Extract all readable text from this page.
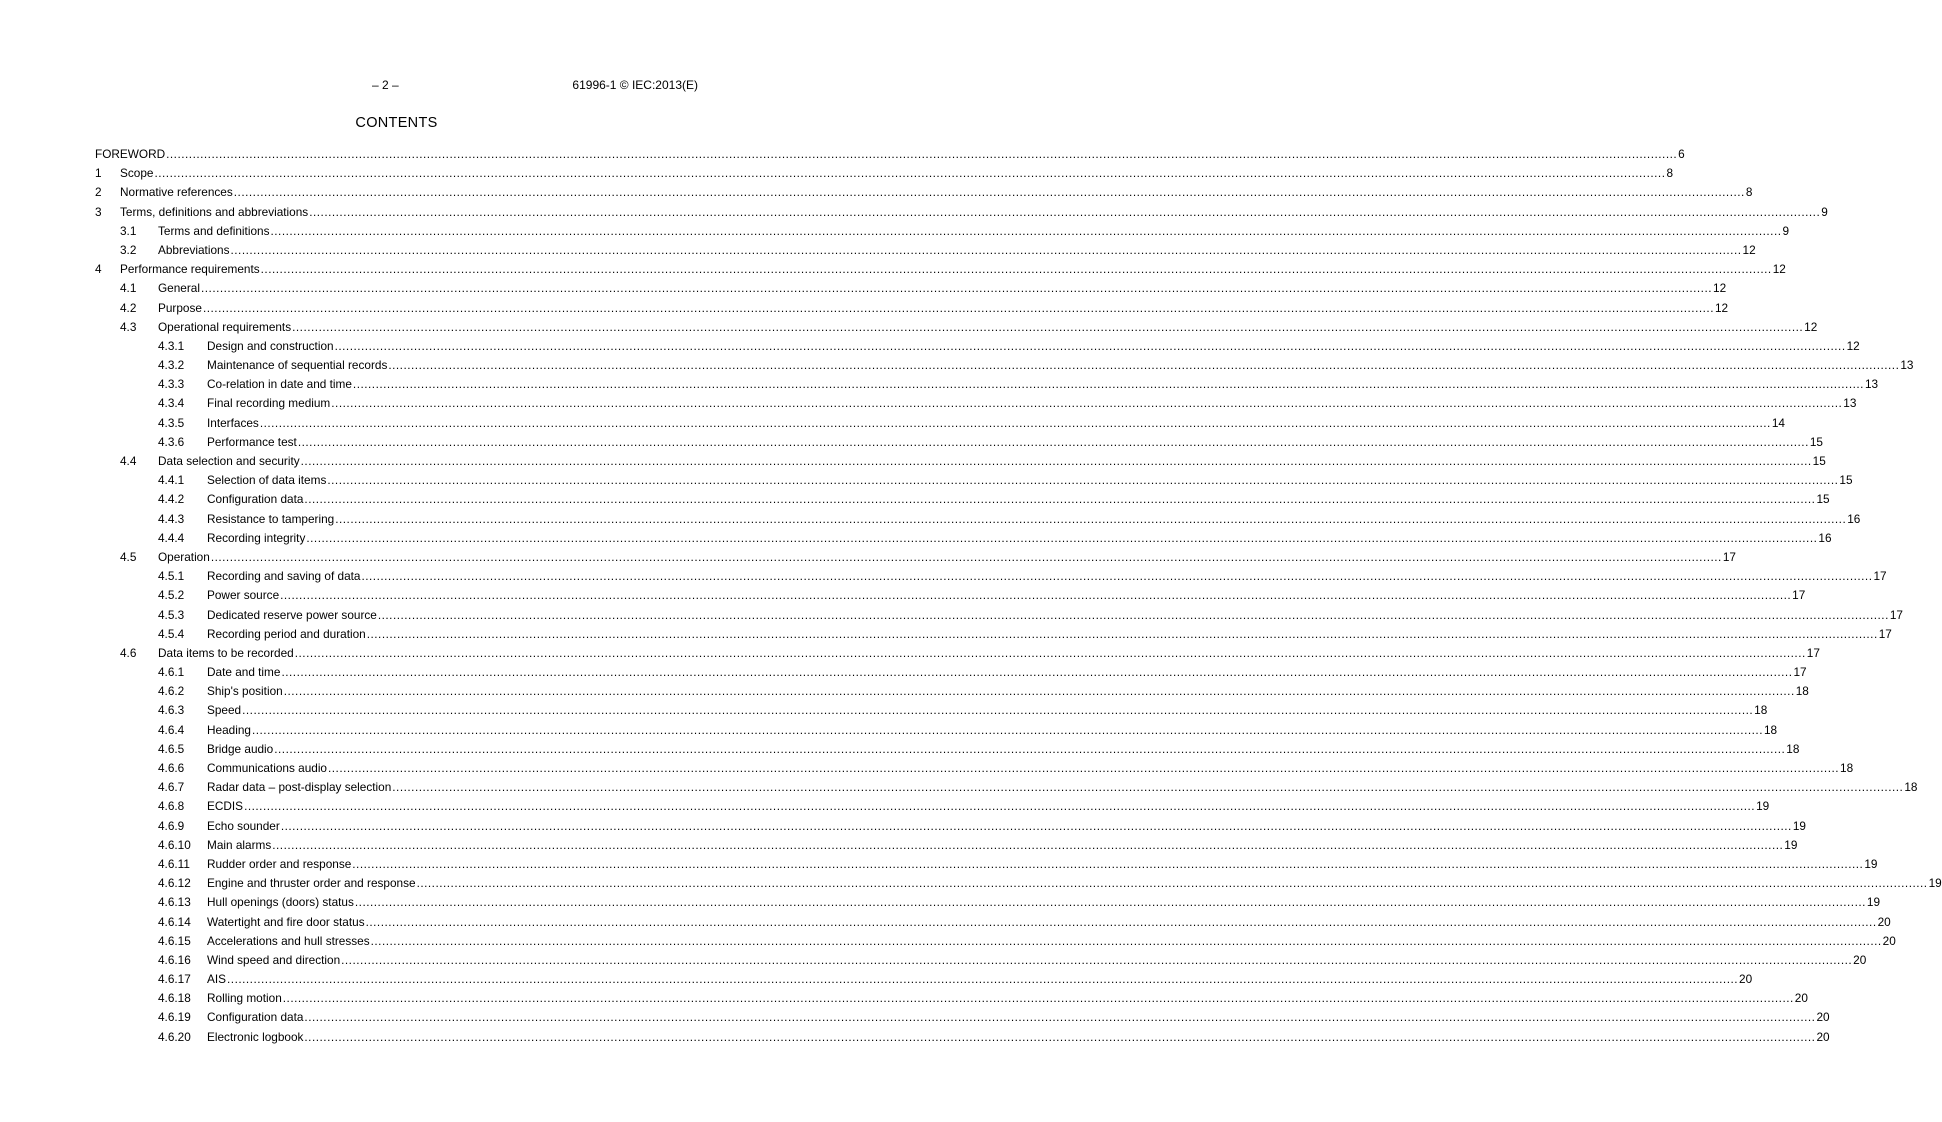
– 2 –	61996-1 © IEC:2013(E)
CONTENTS
FOREWORD ................................................................................................................................................................................................................................................................................................................................................................................................................ 6
1 Scope ................................................................................................................................................................................................................................................................................................................................................................................................................ 8
2 Normative references ................................................................................................................................................................................................................................................................................................................................................................................................................ 8
3 Terms, definitions and abbreviations ................................................................................................................................................................................................................................................................................................................................................................................................................ 9
3.1 Terms and definitions ................................................................................................................................................................................................................................................................................................................................................................................................................ 9
3.2 Abbreviations ................................................................................................................................................................................................................................................................................................................................................................................................................ 12
4 Performance requirements ................................................................................................................................................................................................................................................................................................................................................................................................................ 12
4.1 General ................................................................................................................................................................................................................................................................................................................................................................................................................ 12
4.2 Purpose ................................................................................................................................................................................................................................................................................................................................................................................................................ 12
4.3 Operational requirements ................................................................................................................................................................................................................................................................................................................................................................................................................ 12
4.3.1 Design and construction ................................................................................................................................................................................................................................................................................................................................................................................................................ 12
4.3.2 Maintenance of sequential records ................................................................................................................................................................................................................................................................................................................................................................................................................ 13
4.3.3 Co-relation in date and time ................................................................................................................................................................................................................................................................................................................................................................................................................ 13
4.3.4 Final recording medium ................................................................................................................................................................................................................................................................................................................................................................................................................ 13
4.3.5 Interfaces ................................................................................................................................................................................................................................................................................................................................................................................................................ 14
4.3.6 Performance test ................................................................................................................................................................................................................................................................................................................................................................................................................ 15
4.4 Data selection and security ................................................................................................................................................................................................................................................................................................................................................................................................................ 15
4.4.1 Selection of data items ................................................................................................................................................................................................................................................................................................................................................................................................................ 15
4.4.2 Configuration data ................................................................................................................................................................................................................................................................................................................................................................................................................ 15
4.4.3 Resistance to tampering ................................................................................................................................................................................................................................................................................................................................................................................................................ 16
4.4.4 Recording integrity ................................................................................................................................................................................................................................................................................................................................................................................................................ 16
4.5 Operation ................................................................................................................................................................................................................................................................................................................................................................................................................ 17
4.5.1 Recording and saving of data ................................................................................................................................................................................................................................................................................................................................................................................................................ 17
4.5.2 Power source ................................................................................................................................................................................................................................................................................................................................................................................................................ 17
4.5.3 Dedicated reserve power source ................................................................................................................................................................................................................................................................................................................................................................................................................ 17
4.5.4 Recording period and duration ................................................................................................................................................................................................................................................................................................................................................................................................................ 17
4.6 Data items to be recorded ................................................................................................................................................................................................................................................................................................................................................................................................................ 17
4.6.1 Date and time ................................................................................................................................................................................................................................................................................................................................................................................................................ 17
4.6.2 Ship's position ................................................................................................................................................................................................................................................................................................................................................................................................................ 18
4.6.3 Speed ................................................................................................................................................................................................................................................................................................................................................................................................................ 18
4.6.4 Heading ................................................................................................................................................................................................................................................................................................................................................................................................................ 18
4.6.5 Bridge audio ................................................................................................................................................................................................................................................................................................................................................................................................................ 18
4.6.6 Communications audio ................................................................................................................................................................................................................................................................................................................................................................................................................ 18
4.6.7 Radar data – post-display selection ................................................................................................................................................................................................................................................................................................................................................................................................................ 18
4.6.8 ECDIS ................................................................................................................................................................................................................................................................................................................................................................................................................ 19
4.6.9 Echo sounder ................................................................................................................................................................................................................................................................................................................................................................................................................ 19
4.6.10 Main alarms ................................................................................................................................................................................................................................................................................................................................................................................................................ 19
4.6.11 Rudder order and response ................................................................................................................................................................................................................................................................................................................................................................................................................ 19
4.6.12 Engine and thruster order and response ................................................................................................................................................................................................................................................................................................................................................................................................................ 19
4.6.13 Hull openings (doors) status ................................................................................................................................................................................................................................................................................................................................................................................................................ 19
4.6.14 Watertight and fire door status ................................................................................................................................................................................................................................................................................................................................................................................................................ 20
4.6.15 Accelerations and hull stresses ................................................................................................................................................................................................................................................................................................................................................................................................................ 20
4.6.16 Wind speed and direction ................................................................................................................................................................................................................................................................................................................................................................................................................ 20
4.6.17 AIS ................................................................................................................................................................................................................................................................................................................................................................................................................ 20
4.6.18 Rolling motion ................................................................................................................................................................................................................................................................................................................................................................................................................ 20
4.6.19 Configuration data ................................................................................................................................................................................................................................................................................................................................................................................................................ 20
4.6.20 Electronic logbook ................................................................................................................................................................................................................................................................................................................................................................................................................ 20
